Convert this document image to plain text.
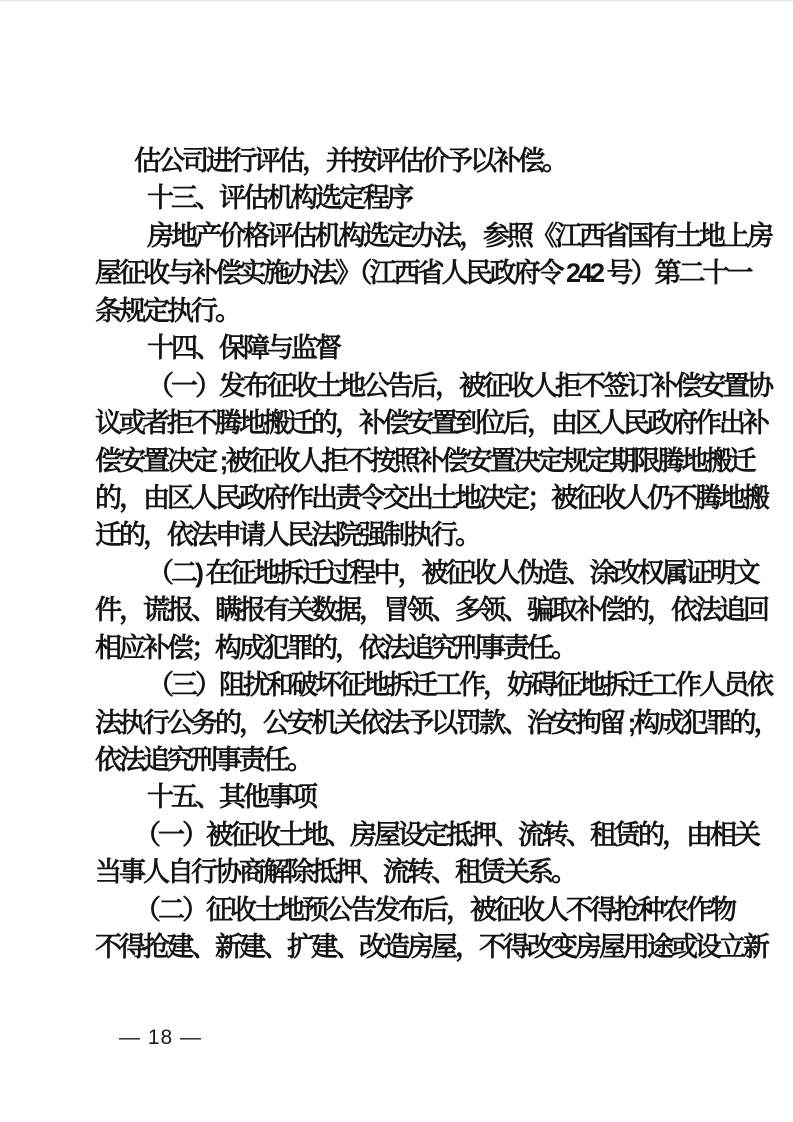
估公司进行评估，并按评估价予以补偿。
十三、评估机构选定程序
房地产价格评估机构选定办法，参照《江西省国有土地上房
屋征收与补偿实施办法》（江西省人民政府令 242 号）第二十一
条规定执行。
十四、保障与监督
（一）发布征收土地公告后，被征收人拒不签订补偿安置协
议或者拒不腾地搬迁的，补偿安置到位后，由区人民政府作出补
偿安置决定 ;被征收人拒不按照补偿安置决定规定期限腾地搬迁
的，由区人民政府作出责令交出土地决定；被征收人仍不腾地搬
迁的，依法申请人民法院强制执行。
（二) 在征地拆迁过程中，被征收人伪造、涂改权属证明文
件，谎报、瞒报有关数据，冒领、多领、骗取补偿的，依法追回
相应补偿；构成犯罪的，依法追究刑事责任。
（三）阻扰和破坏征地拆迁工作，妨碍征地拆迁工作人员依
法执行公务的，公安机关依法予以罚款、治安拘留 ;构成犯罪的，
依法追究刑事责任。
十五、其他事项
（一）被征收土地、房屋设定抵押、流转、租赁的，由相关
当事人自行协商解除抵押、流转、租赁关系。
（二）征收土地预公告发布后，被征收人不得抢种农作物
不得抢建、新建、扩建、改造房屋，不得改变房屋用途或设立新
— 18 —
